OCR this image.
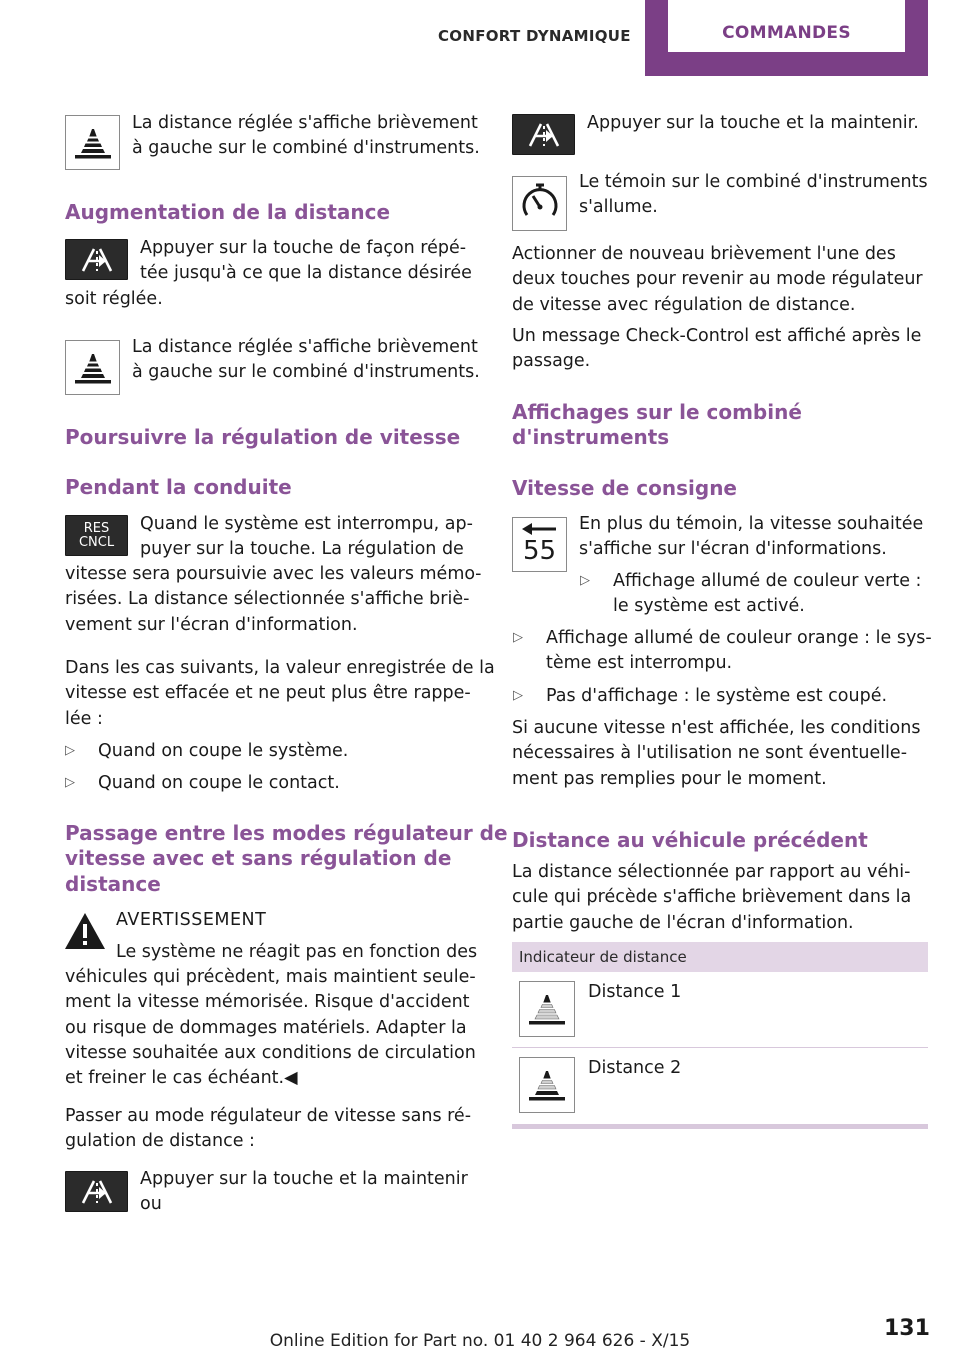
CONFORT DYNAMIQUE	COMMANDES

La distance réglée s'affiche brièvement
à gauche sur le combiné d'instruments.

Augmentation de la distance

Appuyer sur la touche de façon répé‐
tée jusqu'à ce que la distance désirée

soit réglée.

La distance réglée s'affiche brièvement
à gauche sur le combiné d'instruments.

Poursuivre la régulation de vitesse
Pendant la conduite
RES
CNCL

Quand le système est interrompu, ap‐
puyer sur la touche. La régulation de

vitesse sera poursuivie avec les valeurs mémo‐
risées. La distance sélectionnée s'affiche briè‐
vement sur l'écran d'information.

Dans les cas suivants, la valeur enregistrée de la
vitesse est effacée et ne peut plus être rappe‐
lée :

▷ Quand on coupe le système.

▷ Quand on coupe le contact.

Passage entre les modes régulateur de
vitesse avec et sans régulation de
distance

AVERTISSEMENT

Le système ne réagit pas en fonction des

véhicules qui précèdent, mais maintient seule‐
ment la vitesse mémorisée. Risque d'accident
ou risque de dommages matériels. Adapter la
vitesse souhaitée aux conditions de circulation
et freiner le cas échéant.◀

Passer au mode régulateur de vitesse sans ré‐
gulation de distance :

Appuyer sur la touche et la maintenir
ou

Appuyer sur la touche et la maintenir.

Le témoin sur le combiné d'instruments
s'allume.

Actionner de nouveau brièvement l'une des
deux touches pour revenir au mode régulateur
de vitesse avec régulation de distance.

Un message Check-Control est affiché après le
passage.

Affichages sur le combiné
d'instruments
Vitesse de consigne
55

En plus du témoin, la vitesse souhaitée
s'affiche sur l'écran d'informations.

▷ Affichage allumé de couleur verte :
le système est activé.

▷ Affichage allumé de couleur orange : le sys‐
tème est interrompu.

▷ Pas d'affichage : le système est coupé.

Si aucune vitesse n'est affichée, les conditions
nécessaires à l'utilisation ne sont éventuelle‐
ment pas remplies pour le moment.

Distance au véhicule précédent

La distance sélectionnée par rapport au véhi‐
cule qui précède s'affiche brièvement dans la
partie gauche de l'écran d'information.

Indicateur de distance

Distance 1

Distance 2

131
Online Edition for Part no. 01 40 2 964 626 - X/15
